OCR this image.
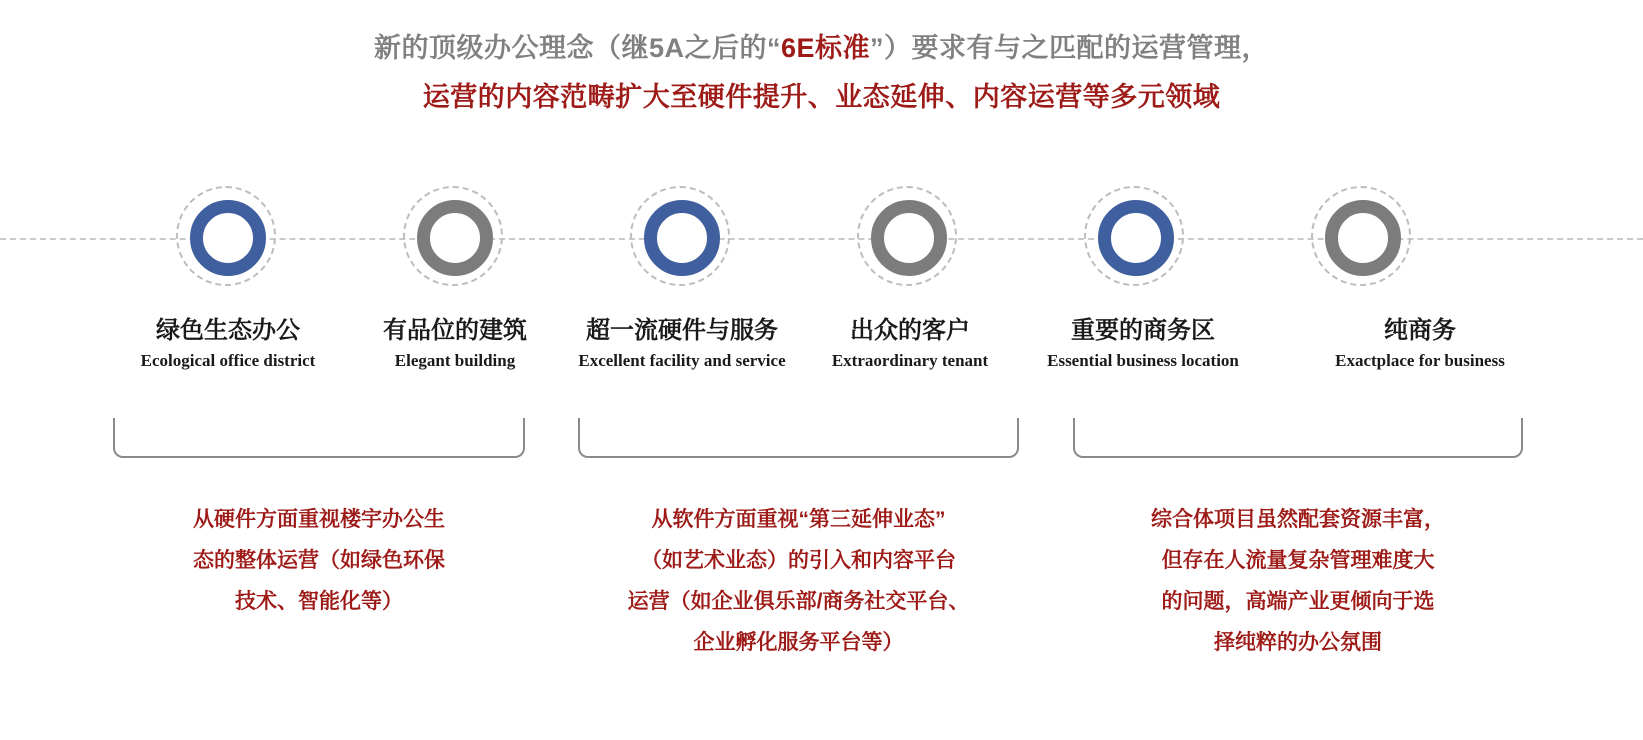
新的顶级办公理念（继5A之后的“6E标准”）要求有与之匹配的运营管理，
运营的内容范畴扩大至硬件提升、业态延伸、内容运营等多元领域
绿色生态办公
Ecological office district
有品位的建筑
Elegant building
超一流硬件与服务
Excellent facility and service
出众的客户
Extraordinary tenant
重要的商务区
Essential business location
纯商务
Exactplace for business
从硬件方面重视楼宇办公生
态的整体运营（如绿色环保
技术、智能化等）
从软件方面重视“第三延伸业态”
（如艺术业态）的引入和内容平台
运营（如企业俱乐部/商务社交平台、
企业孵化服务平台等）
综合体项目虽然配套资源丰富，
但存在人流量复杂管理难度大
的问题，高端产业更倾向于选
择纯粹的办公氛围
